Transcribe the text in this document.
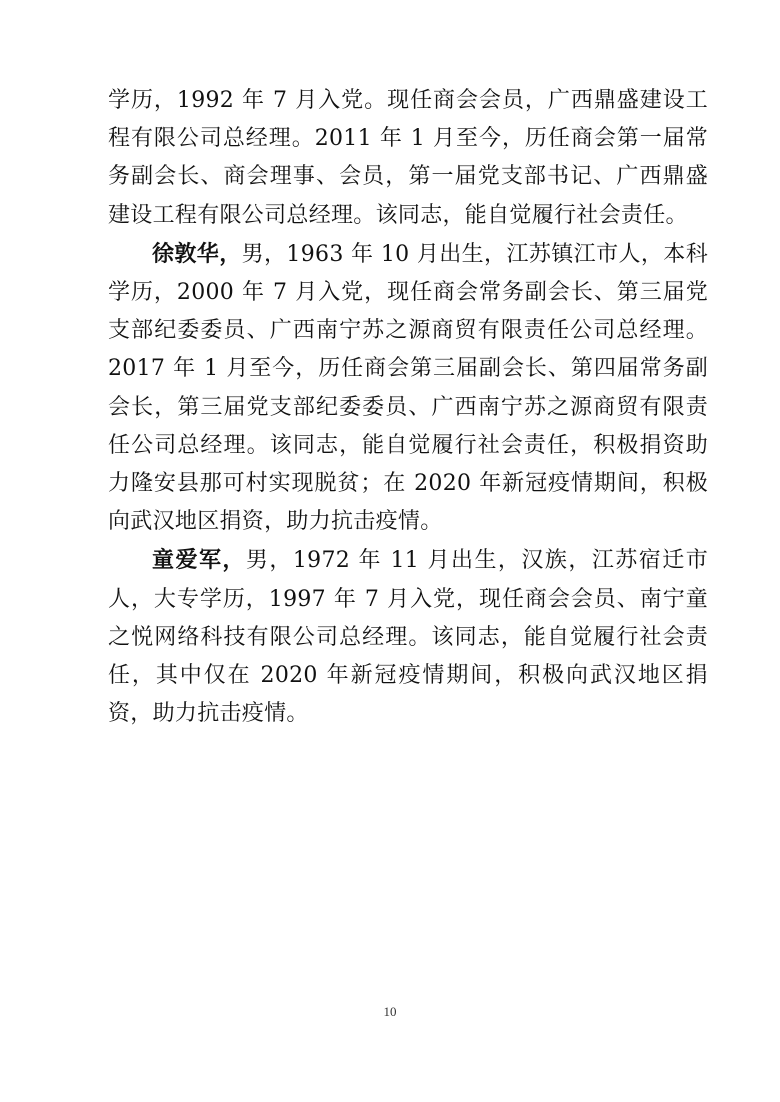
学历，1992 年 7 月入党。现任商会会员，广西鼎盛建设工程有限公司总经理。2011 年 1 月至今，历任商会第一届常务副会长、商会理事、会员，第一届党支部书记、广西鼎盛建设工程有限公司总经理。该同志，能自觉履行社会责任。

徐敦华，男，1963 年 10 月出生，江苏镇江市人，本科学历，2000 年 7 月入党，现任商会常务副会长、第三届党支部纪委委员、广西南宁苏之源商贸有限责任公司总经理。2017 年 1 月至今，历任商会第三届副会长、第四届常务副会长，第三届党支部纪委委员、广西南宁苏之源商贸有限责任公司总经理。该同志，能自觉履行社会责任，积极捐资助力隆安县那可村实现脱贫；在 2020 年新冠疫情期间，积极向武汉地区捐资，助力抗击疫情。

童爱军，男，1972 年 11 月出生，汉族，江苏宿迁市人，大专学历，1997 年 7 月入党，现任商会会员、南宁童之悦网络科技有限公司总经理。该同志，能自觉履行社会责任，其中仅在 2020 年新冠疫情期间，积极向武汉地区捐资，助力抗击疫情。

10
